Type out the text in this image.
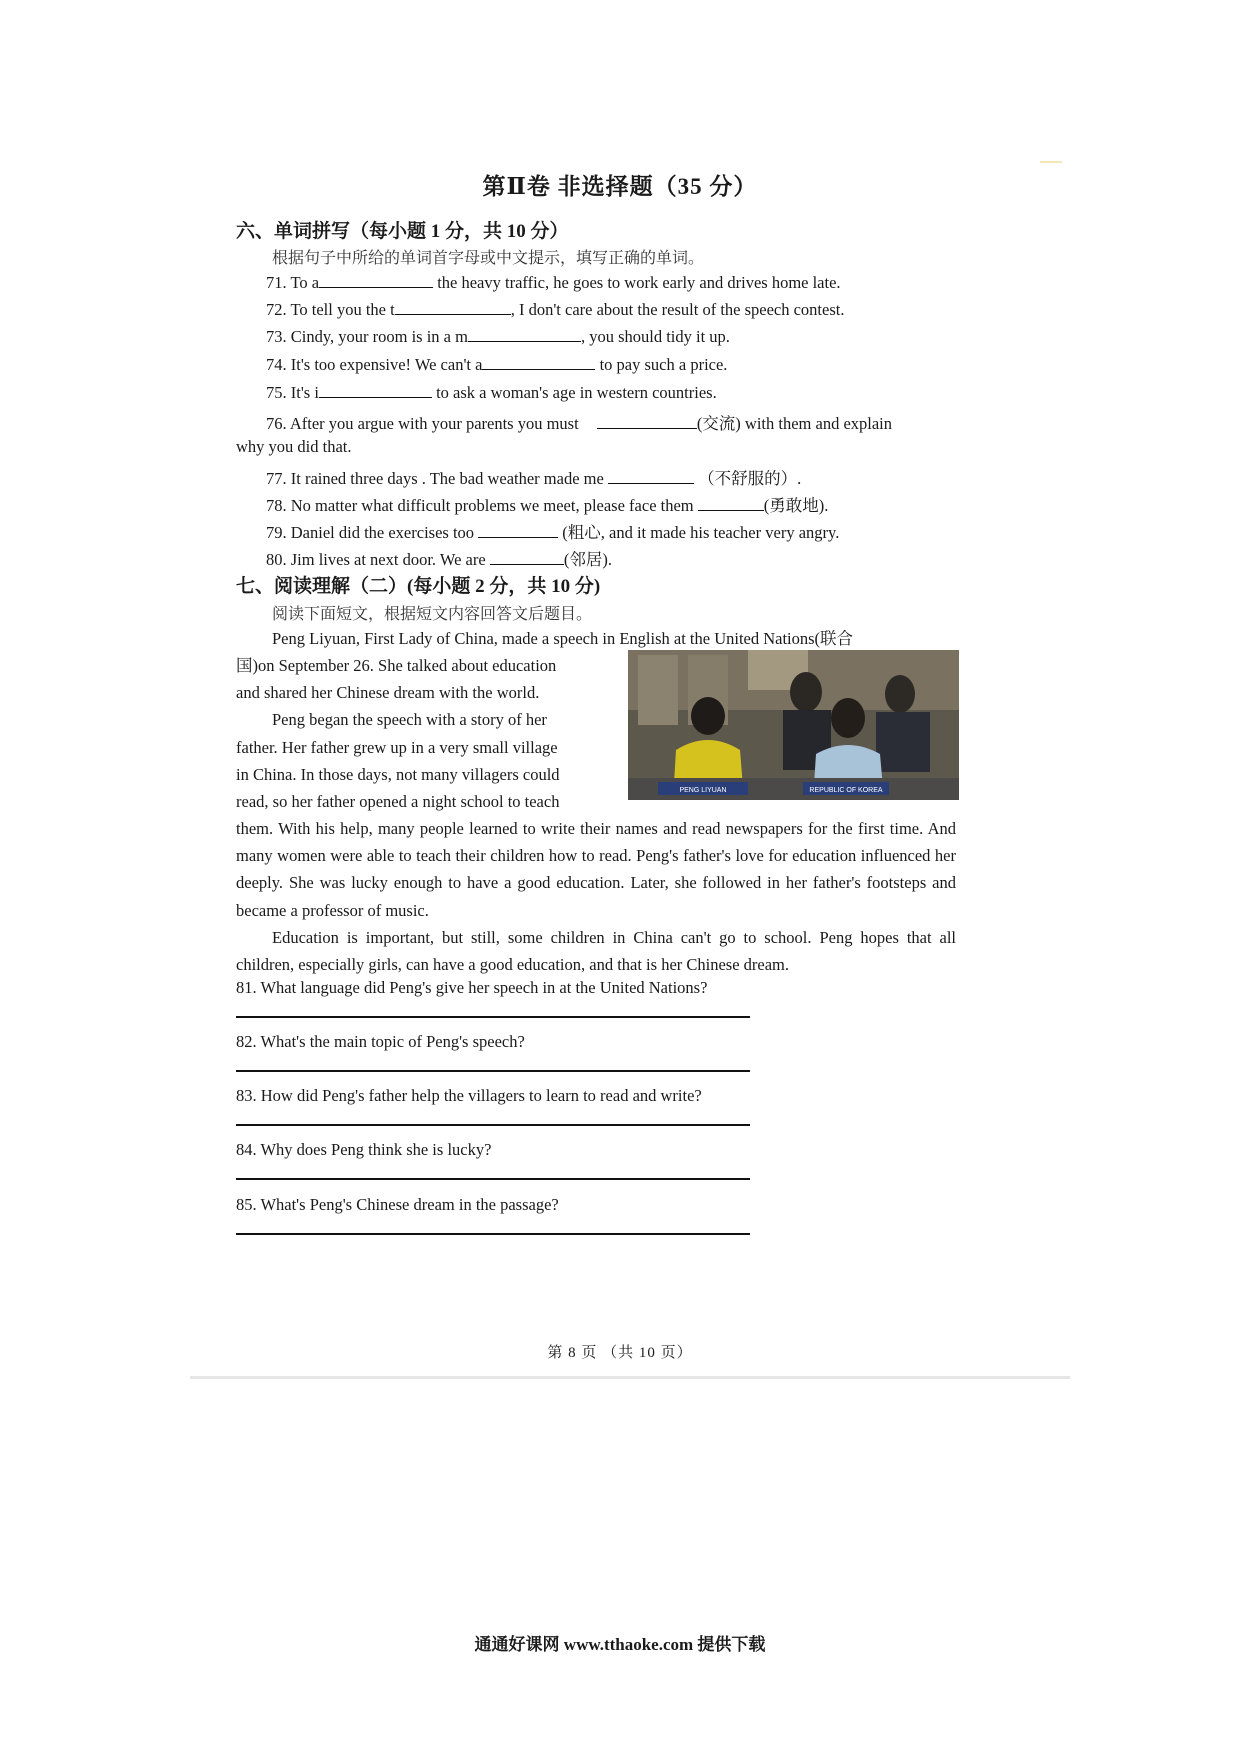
第Ⅱ卷 非选择题（35 分）
六、单词拼写（每小题 1 分，共 10 分）
根据句子中所给的单词首字母或中文提示，填写正确的单词。
71. To a	the heavy traffic, he goes to work early and drives home late.
72. To tell you the t	, I don't care about the result of the speech contest.
73. Cindy, your room is in a m	, you should tidy it up.
74. It's too expensive! We can't a	to pay such a price.
75. It's i	to ask a woman's age in western countries.
76. After you argue with your parents you must	(交流) with them and explain
why you did that.
77. It rained three days . The bad weather made me	（不舒服的）.
78. No matter what difficult problems we meet, please face them	(勇敢地).
79. Daniel did the exercises too	(粗心, and it made his teacher very angry.
80. Jim lives at next door. We are	(邻居).
七、阅读理解（二）(每小题 2 分，共 10 分)
阅读下面短文，根据短文内容回答文后题目。

Peng Liyuan, First Lady of China, made a speech in English at the United Nations(联合

国)on September 26. She talked about education

and shared her Chinese dream with the world.

Peng began the speech with a story of her

father. Her father grew up in a very small village

in China. In those days, not many villagers could

read, so her father opened a night school to teach

PENG LIYUAN	REPUBLIC OF KOREA

them. With his help, many people learned to write their names and read newspapers for the first time. And many women were able to teach their children how to read. Peng's father's love for education influenced her deeply. She was lucky enough to have a good education. Later, she followed in her father's footsteps and became a professor of music.

Education is important, but still, some children in China can't go to school. Peng hopes that all children, especially girls, can have a good education, and that is her Chinese dream.

81. What language did Peng's give her speech in at the United Nations?
82. What's the main topic of Peng's speech?
83. How did Peng's father help the villagers to learn to read and write?
84. Why does Peng think she is lucky?
85. What's Peng's Chinese dream in the passage?
第 8 页 （共 10 页）
通通好课网 www.tthaoke.com 提供下载
